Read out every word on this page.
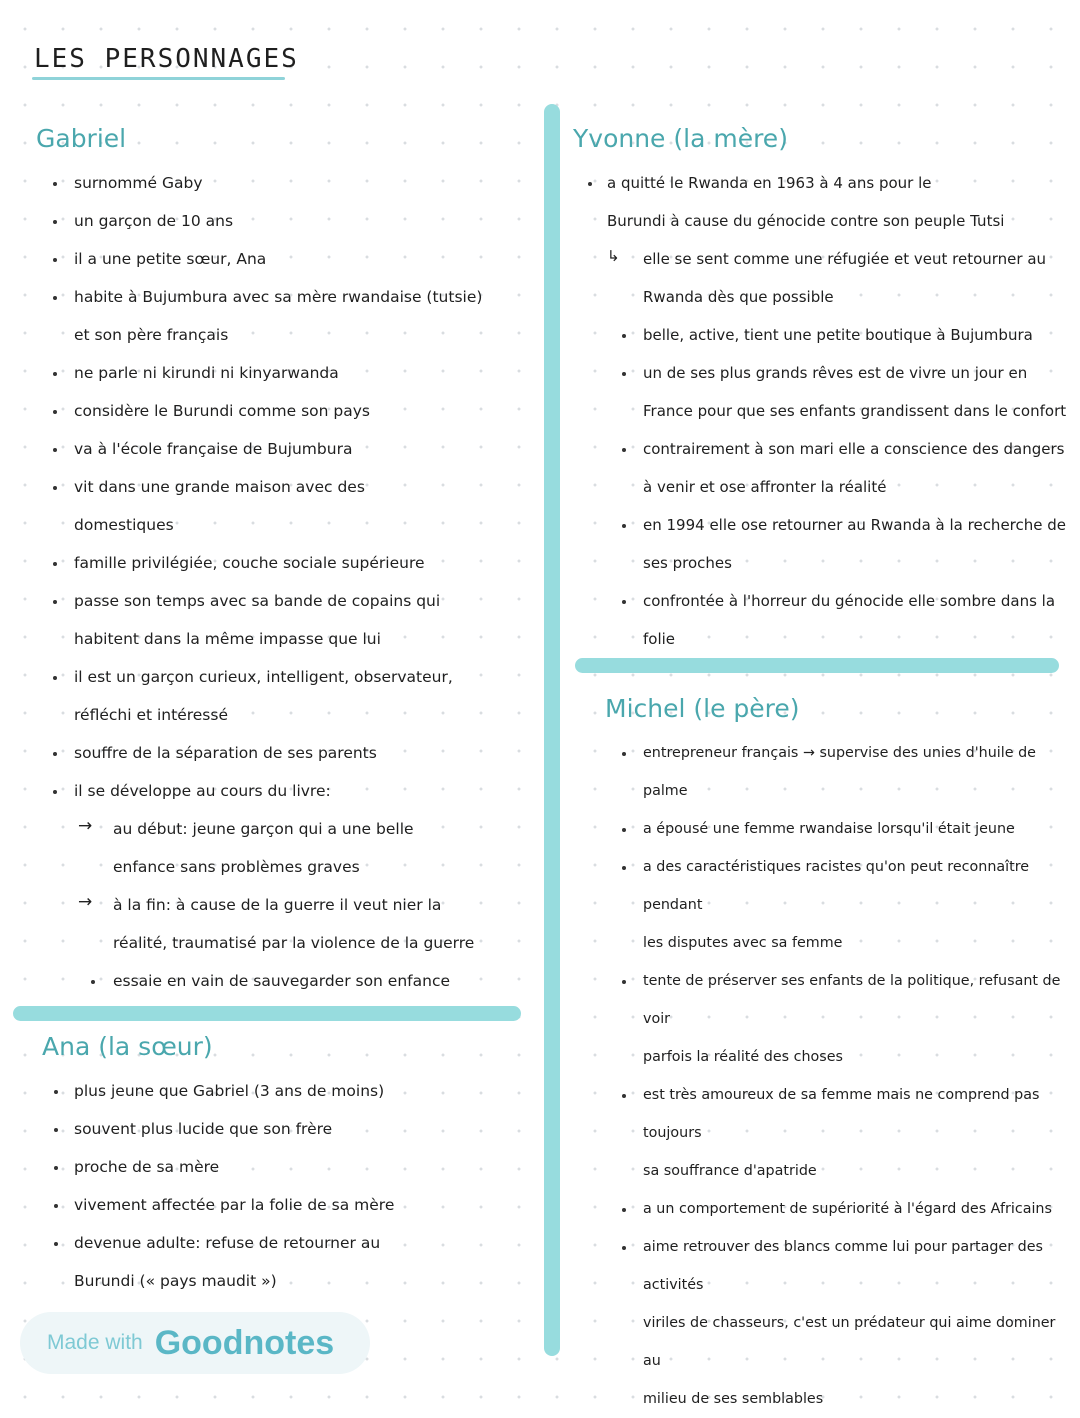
LES PERSONNAGES
Gabriel
surnommé Gaby
un garçon de 10 ans
il a une petite sœur, Ana
habite à Bujumbura avec sa mère rwandaise (tutsie)
et son père français
ne parle ni kirundi ni kinyarwanda
considère le Burundi comme son pays
va à l'école française de Bujumbura
vit dans une grande maison avec des
domestiques
famille privilégiée, couche sociale supérieure
passe son temps avec sa bande de copains qui
habitent dans la même impasse que lui
il est un garçon curieux, intelligent, observateur,
réfléchi et intéressé
souffre de la séparation de ses parents
il se développe au cours du livre:
→ au début: jeune garçon qui a une belle
enfance sans problèmes graves
→ à la fin: à cause de la guerre il veut nier la
réalité, traumatisé par la violence de la guerre
essaie en vain de sauvegarder son enfance
Ana (la sœur)
plus jeune que Gabriel (3 ans de moins)
souvent plus lucide que son frère
proche de sa mère
vivement affectée par la folie de sa mère
devenue adulte: refuse de retourner au
Burundi (« pays maudit »)
Yvonne (la mère)
a quitté le Rwanda en 1963 à 4 ans pour le
Burundi à cause du génocide contre son peuple Tutsi
↳ elle se sent comme une réfugiée et veut retourner au
Rwanda dès que possible
belle, active, tient une petite boutique à Bujumbura
un de ses plus grands rêves est de vivre un jour en
France pour que ses enfants grandissent dans le confort
contrairement à son mari elle a conscience des dangers
à venir et ose affronter la réalité
en 1994 elle ose retourner au Rwanda à la recherche de
ses proches
confrontée à l'horreur du génocide elle sombre dans la
folie
Michel (le père)
entrepreneur français → supervise des unies d'huile de
palme
a épousé une femme rwandaise lorsqu'il était jeune
a des caractéristiques racistes qu'on peut reconnaître pendant
les disputes avec sa femme
tente de préserver ses enfants de la politique, refusant de voir
parfois la réalité des choses
est très amoureux de sa femme mais ne comprend pas toujours
sa souffrance d'apatride
a un comportement de supériorité à l'égard des Africains
aime retrouver des blancs comme lui pour partager des activités
viriles de chasseurs, c'est un prédateur qui aime dominer au
milieu de ses semblables
Made with Goodnotes
